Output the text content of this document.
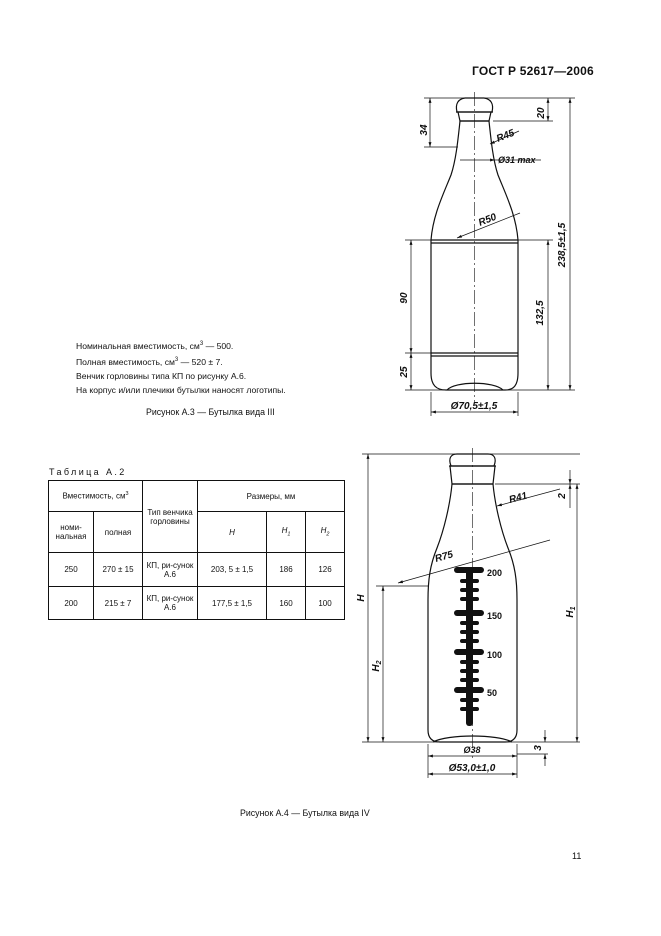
ГОСТ Р 52617—2006
34
20
R45
Ø31 max
R50
238,5±1,5
132,5
90
25
Ø70,5±1,5
200
150
100
50
R41	2
R75
H
$H_2$
$H_1$
3
Ø38
Ø53,0±1,0

Номинальная вместимость, $см^3$ — 500.

Полная вместимость, $см^3$ — 520 ± 7.

Венчик горловины типа КП по рисунку А.6.

На корпус и/или плечики бутылки наносят логотипы.

Рисунок А.3 — Бутылка вида III
Таблица А.2
Вместимость, $см^3$		Тип венчика горловины	Размеры, мм		
номи-нальная	полная		H	$H_1$	$H_2$
250	270 ± 15	КП, ри-сунок А.6	203, 5 ± 1,5	186	126
200	215 ± 7	КП, ри-сунок А.6	177,5 ± 1,5	160	100
Рисунок А.4 — Бутылка вида IV
11
